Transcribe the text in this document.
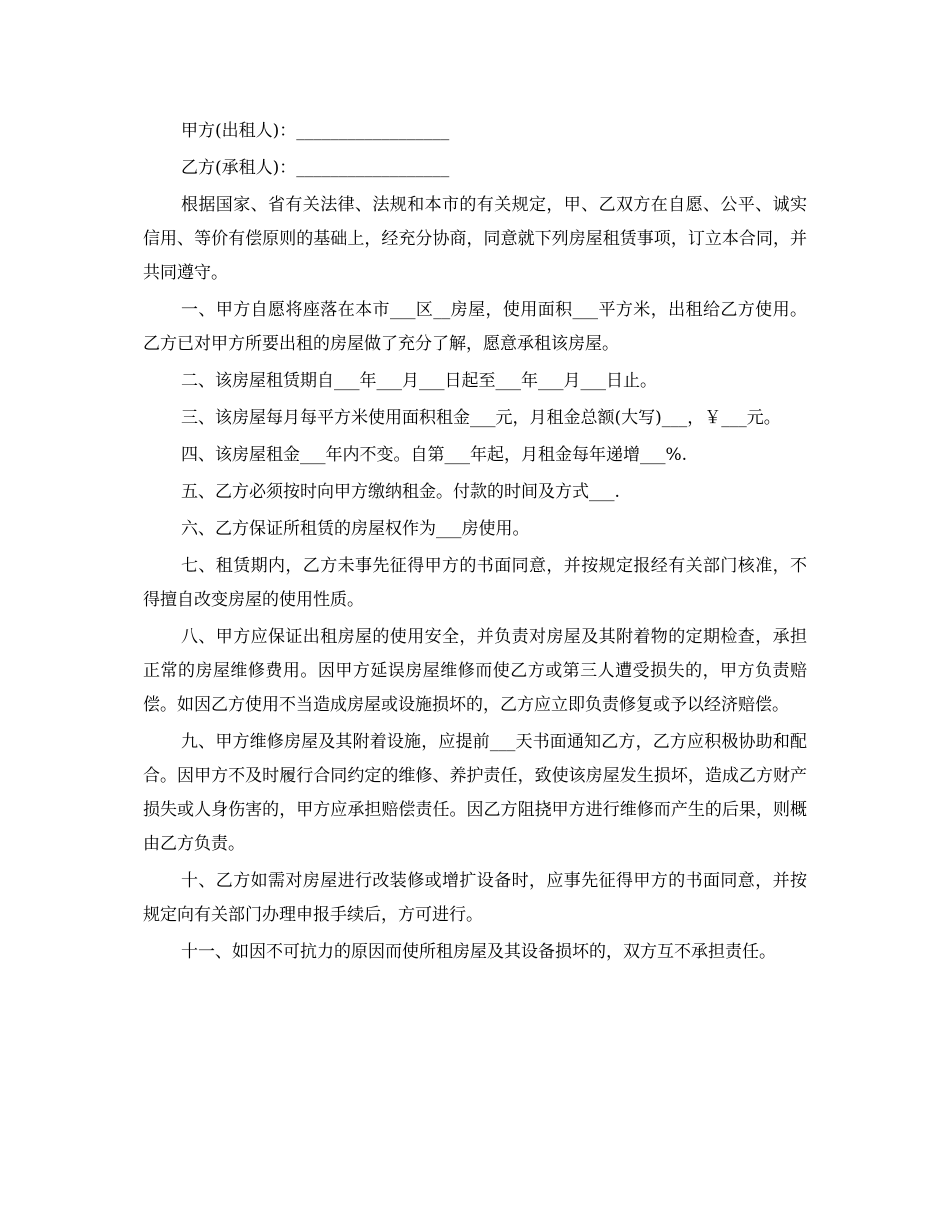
甲方(出租人)：__________________

乙方(承租人)：__________________

根据国家、省有关法律、法规和本市的有关规定，甲、乙双方在自愿、公平、诚实信用、等价有偿原则的基础上，经充分协商，同意就下列房屋租赁事项，订立本合同，并共同遵守。

一、甲方自愿将座落在本市___区__房屋，使用面积___平方米，出租给乙方使用。乙方已对甲方所要出租的房屋做了充分了解，愿意承租该房屋。

二、该房屋租赁期自___年___月___日起至___年___月___日止。

三、该房屋每月每平方米使用面积租金___元，月租金总额(大写)___，￥___元。

四、该房屋租金___年内不变。自第___年起，月租金每年递增___%.

五、乙方必须按时向甲方缴纳租金。付款的时间及方式___.

六、乙方保证所租赁的房屋权作为___房使用。

七、租赁期内，乙方未事先征得甲方的书面同意，并按规定报经有关部门核准，不得擅自改变房屋的使用性质。

八、甲方应保证出租房屋的使用安全，并负责对房屋及其附着物的定期检查，承担正常的房屋维修费用。因甲方延误房屋维修而使乙方或第三人遭受损失的，甲方负责赔偿。如因乙方使用不当造成房屋或设施损坏的，乙方应立即负责修复或予以经济赔偿。

九、甲方维修房屋及其附着设施，应提前___天书面通知乙方，乙方应积极协助和配合。因甲方不及时履行合同约定的维修、养护责任，致使该房屋发生损坏，造成乙方财产损失或人身伤害的，甲方应承担赔偿责任。因乙方阻挠甲方进行维修而产生的后果，则概由乙方负责。

十、乙方如需对房屋进行改装修或增扩设备时，应事先征得甲方的书面同意，并按规定向有关部门办理申报手续后，方可进行。

十一、如因不可抗力的原因而使所租房屋及其设备损坏的，双方互不承担责任。
